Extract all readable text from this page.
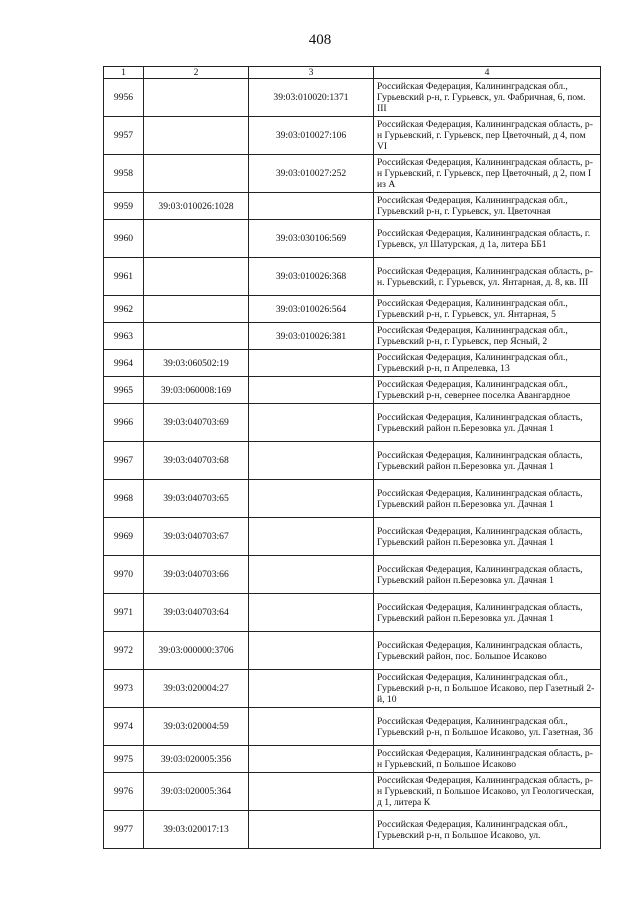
408
1	2	3	4
9956		39:03:010020:1371	Российская Федерация, Калининградская обл., Гурьевский р-н, г. Гурьевск, ул. Фабричная, 6, пом. III
9957		39:03:010027:106	Российская Федерация, Калининградская область, р-н Гурьевский, г. Гурьевск, пер Цветочный, д 4, пом VI
9958		39:03:010027:252	Российская Федерация, Калининградская область, р-н Гурьевский, г. Гурьевск, пер Цветочный, д 2, пом I из А
9959	39:03:010026:1028		Российская Федерация, Калининградская обл., Гурьевский р-н, г. Гурьевск, ул. Цветочная
9960		39:03:030106:569	Российская Федерация, Калининградская область, г. Гурьевск, ул Шатурская, д 1а, литера ББ1
9961		39:03:010026:368	Российская Федерация, Калининградская область, р-н. Гурьевский, г. Гурьевск, ул. Янтарная, д. 8, кв. III
9962		39:03:010026:564	Российская Федерация, Калининградская обл., Гурьевский р-н, г. Гурьевск, ул. Янтарная, 5
9963		39:03:010026:381	Российская Федерация, Калининградская обл., Гурьевский р-н, г. Гурьевск, пер Ясный, 2
9964	39:03:060502:19		Российская Федерация, Калининградская обл., Гурьевский р-н, п Апрелевка, 13
9965	39:03:060008:169		Российская Федерация, Калининградская обл., Гурьевский р-н, севернее поселка Авангардное
9966	39:03:040703:69		Российская Федерация, Калининградская область, Гурьевский район п.Березовка ул. Дачная 1
9967	39:03:040703:68		Российская Федерация, Калининградская область, Гурьевский район п.Березовка ул. Дачная 1
9968	39:03:040703:65		Российская Федерация, Калининградская область, Гурьевский район п.Березовка ул. Дачная 1
9969	39:03:040703:67		Российская Федерация, Калининградская область, Гурьевский район п.Березовка ул. Дачная 1
9970	39:03:040703:66		Российская Федерация, Калининградская область, Гурьевский район п.Березовка ул. Дачная 1
9971	39:03:040703:64		Российская Федерация, Калининградская область, Гурьевский район п.Березовка ул. Дачная 1
9972	39:03:000000:3706		Российская Федерация, Калининградская область, Гурьевский район, пос. Большое Исаково
9973	39:03:020004:27		Российская Федерация, Калининградская обл., Гурьевский р-н, п Большое Исаково, пер Газетный 2-й, 10
9974	39:03:020004:59		Российская Федерация, Калининградская обл., Гурьевский р-н, п Большое Исаково, ул. Газетная, 3б
9975	39:03:020005:356		Российская Федерация, Калининградская область, р-н Гурьевский, п Большое Исаково
9976	39:03:020005:364		Российская Федерация, Калининградская область, р-н Гурьевский, п Большое Исаково, ул Геологическая, д 1, литера К
9977	39:03:020017:13		Российская Федерация, Калининградская обл., Гурьевский р-н, п Большое Исаково, ул.
